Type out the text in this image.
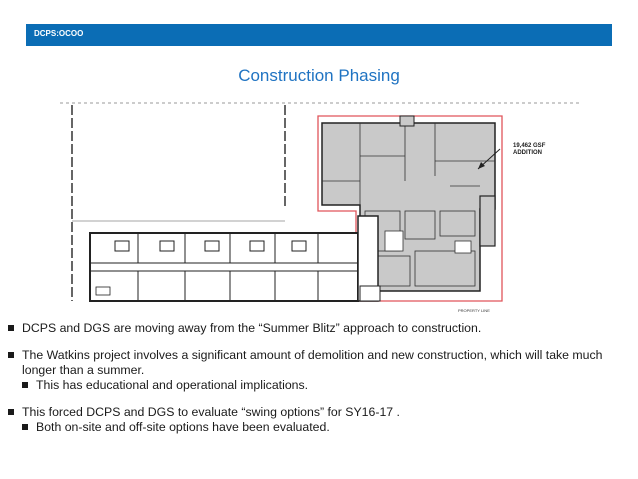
DCPS:OCOO
Construction Phasing
19,462 GSF
ADDITION
PROPERTY LINE
DCPS and DGS are moving away from the “Summer Blitz” approach to construction.
The Watkins project involves a significant amount of demolition and new construction, which will take much longer than a summer.
This has educational and operational implications.
This forced DCPS and DGS to evaluate “swing options” for SY16-17 .
Both on-site and off-site options have been evaluated.
